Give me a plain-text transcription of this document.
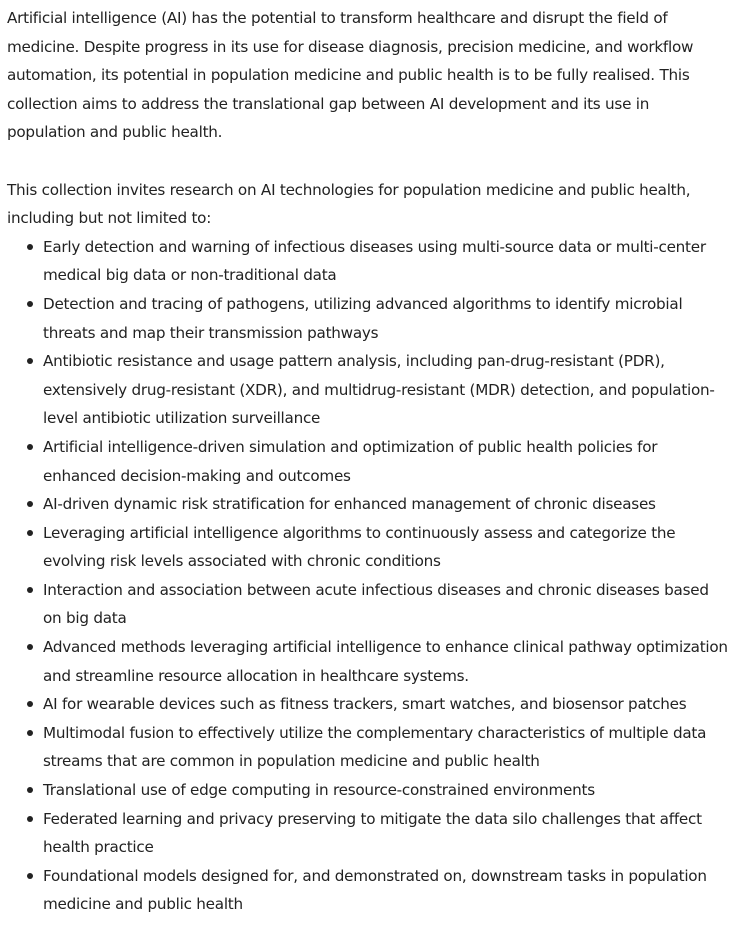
Artificial intelligence (AI) has the potential to transform healthcare and disrupt the field of medicine. Despite progress in its use for disease diagnosis, precision medicine, and workflow automation, its potential in population medicine and public health is to be fully realised. This collection aims to address the translational gap between AI development and its use in population and public health.

This collection invites research on AI technologies for population medicine and public health, including but not limited to:

Early detection and warning of infectious diseases using multi-source data or multi-center medical big data or non-traditional data
Detection and tracing of pathogens, utilizing advanced algorithms to identify microbial threats and map their transmission pathways
Antibiotic resistance and usage pattern analysis, including pan-drug-resistant (PDR), extensively drug-resistant (XDR), and multidrug-resistant (MDR) detection, and population-level antibiotic utilization surveillance
Artificial intelligence-driven simulation and optimization of public health policies for enhanced decision-making and outcomes
AI-driven dynamic risk stratification for enhanced management of chronic diseases
Leveraging artificial intelligence algorithms to continuously assess and categorize the evolving risk levels associated with chronic conditions
Interaction and association between acute infectious diseases and chronic diseases based on big data
Advanced methods leveraging artificial intelligence to enhance clinical pathway optimization and streamline resource allocation in healthcare systems.
AI for wearable devices such as fitness trackers, smart watches, and biosensor patches
Multimodal fusion to effectively utilize the complementary characteristics of multiple data streams that are common in population medicine and public health
Translational use of edge computing in resource-constrained environments
Federated learning and privacy preserving to mitigate the data silo challenges that affect health practice
Foundational models designed for, and demonstrated on, downstream tasks in population medicine and public health
